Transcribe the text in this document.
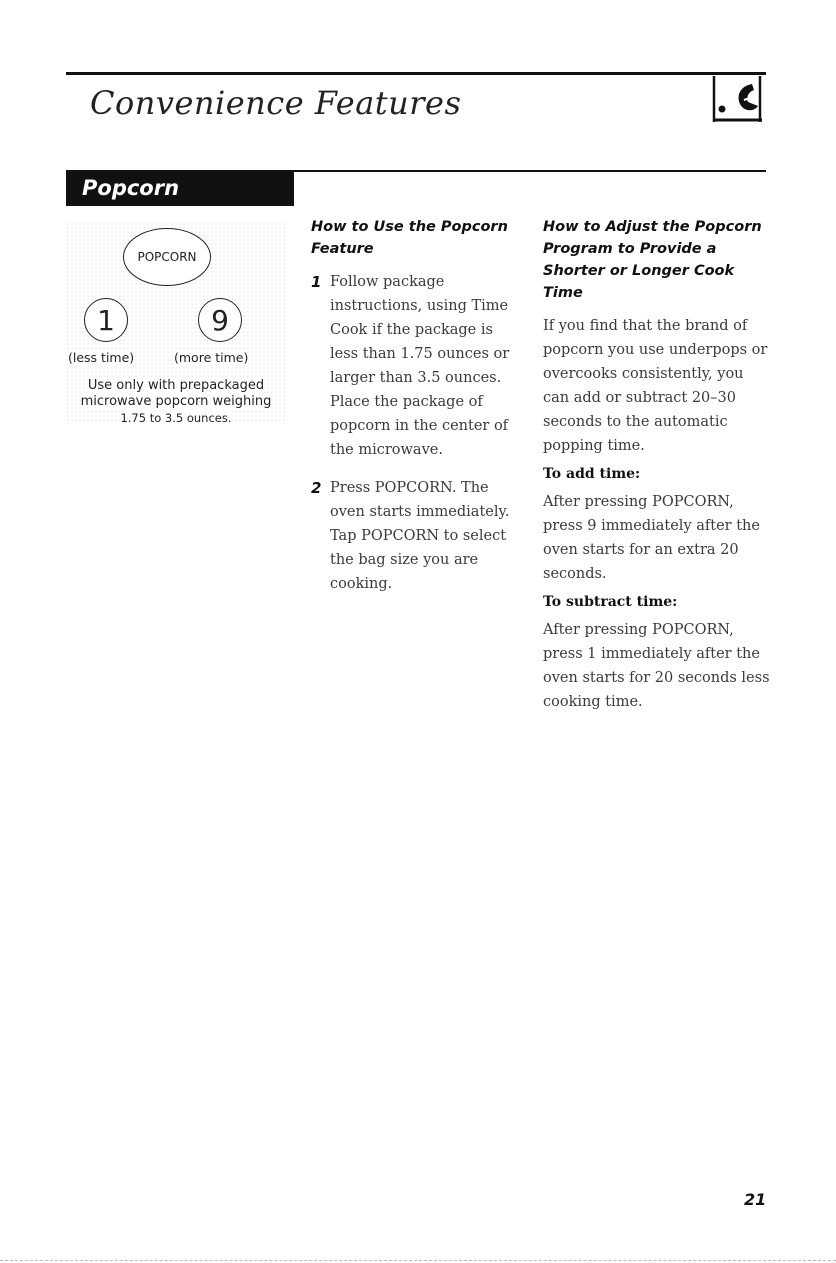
Convenience Features
Popcorn
POPCORN
1	9
(less time)	(more time)
Use only with prepackaged
microwave popcorn weighing
1.75 to 3.5 ounces.
How to Use the Popcorn Feature
1 Follow package instructions, using Time Cook if the package is less than 1.75 ounces or larger than 3.5 ounces. Place the package of popcorn in the center of the microwave.

2 Press POPCORN. The oven starts immediately. Tap POPCORN to select the bag size you are cooking.

How to Adjust the Popcorn Program to Provide a Shorter or Longer Cook Time

If you find that the brand of popcorn you use underpops or overcooks consistently, you can add or subtract 20–30 seconds to the automatic popping time.

To add time:

After pressing POPCORN, press 9 immediately after the oven starts for an extra 20 seconds.

To subtract time:

After pressing POPCORN, press 1 immediately after the oven starts for 20 seconds less cooking time.

21
